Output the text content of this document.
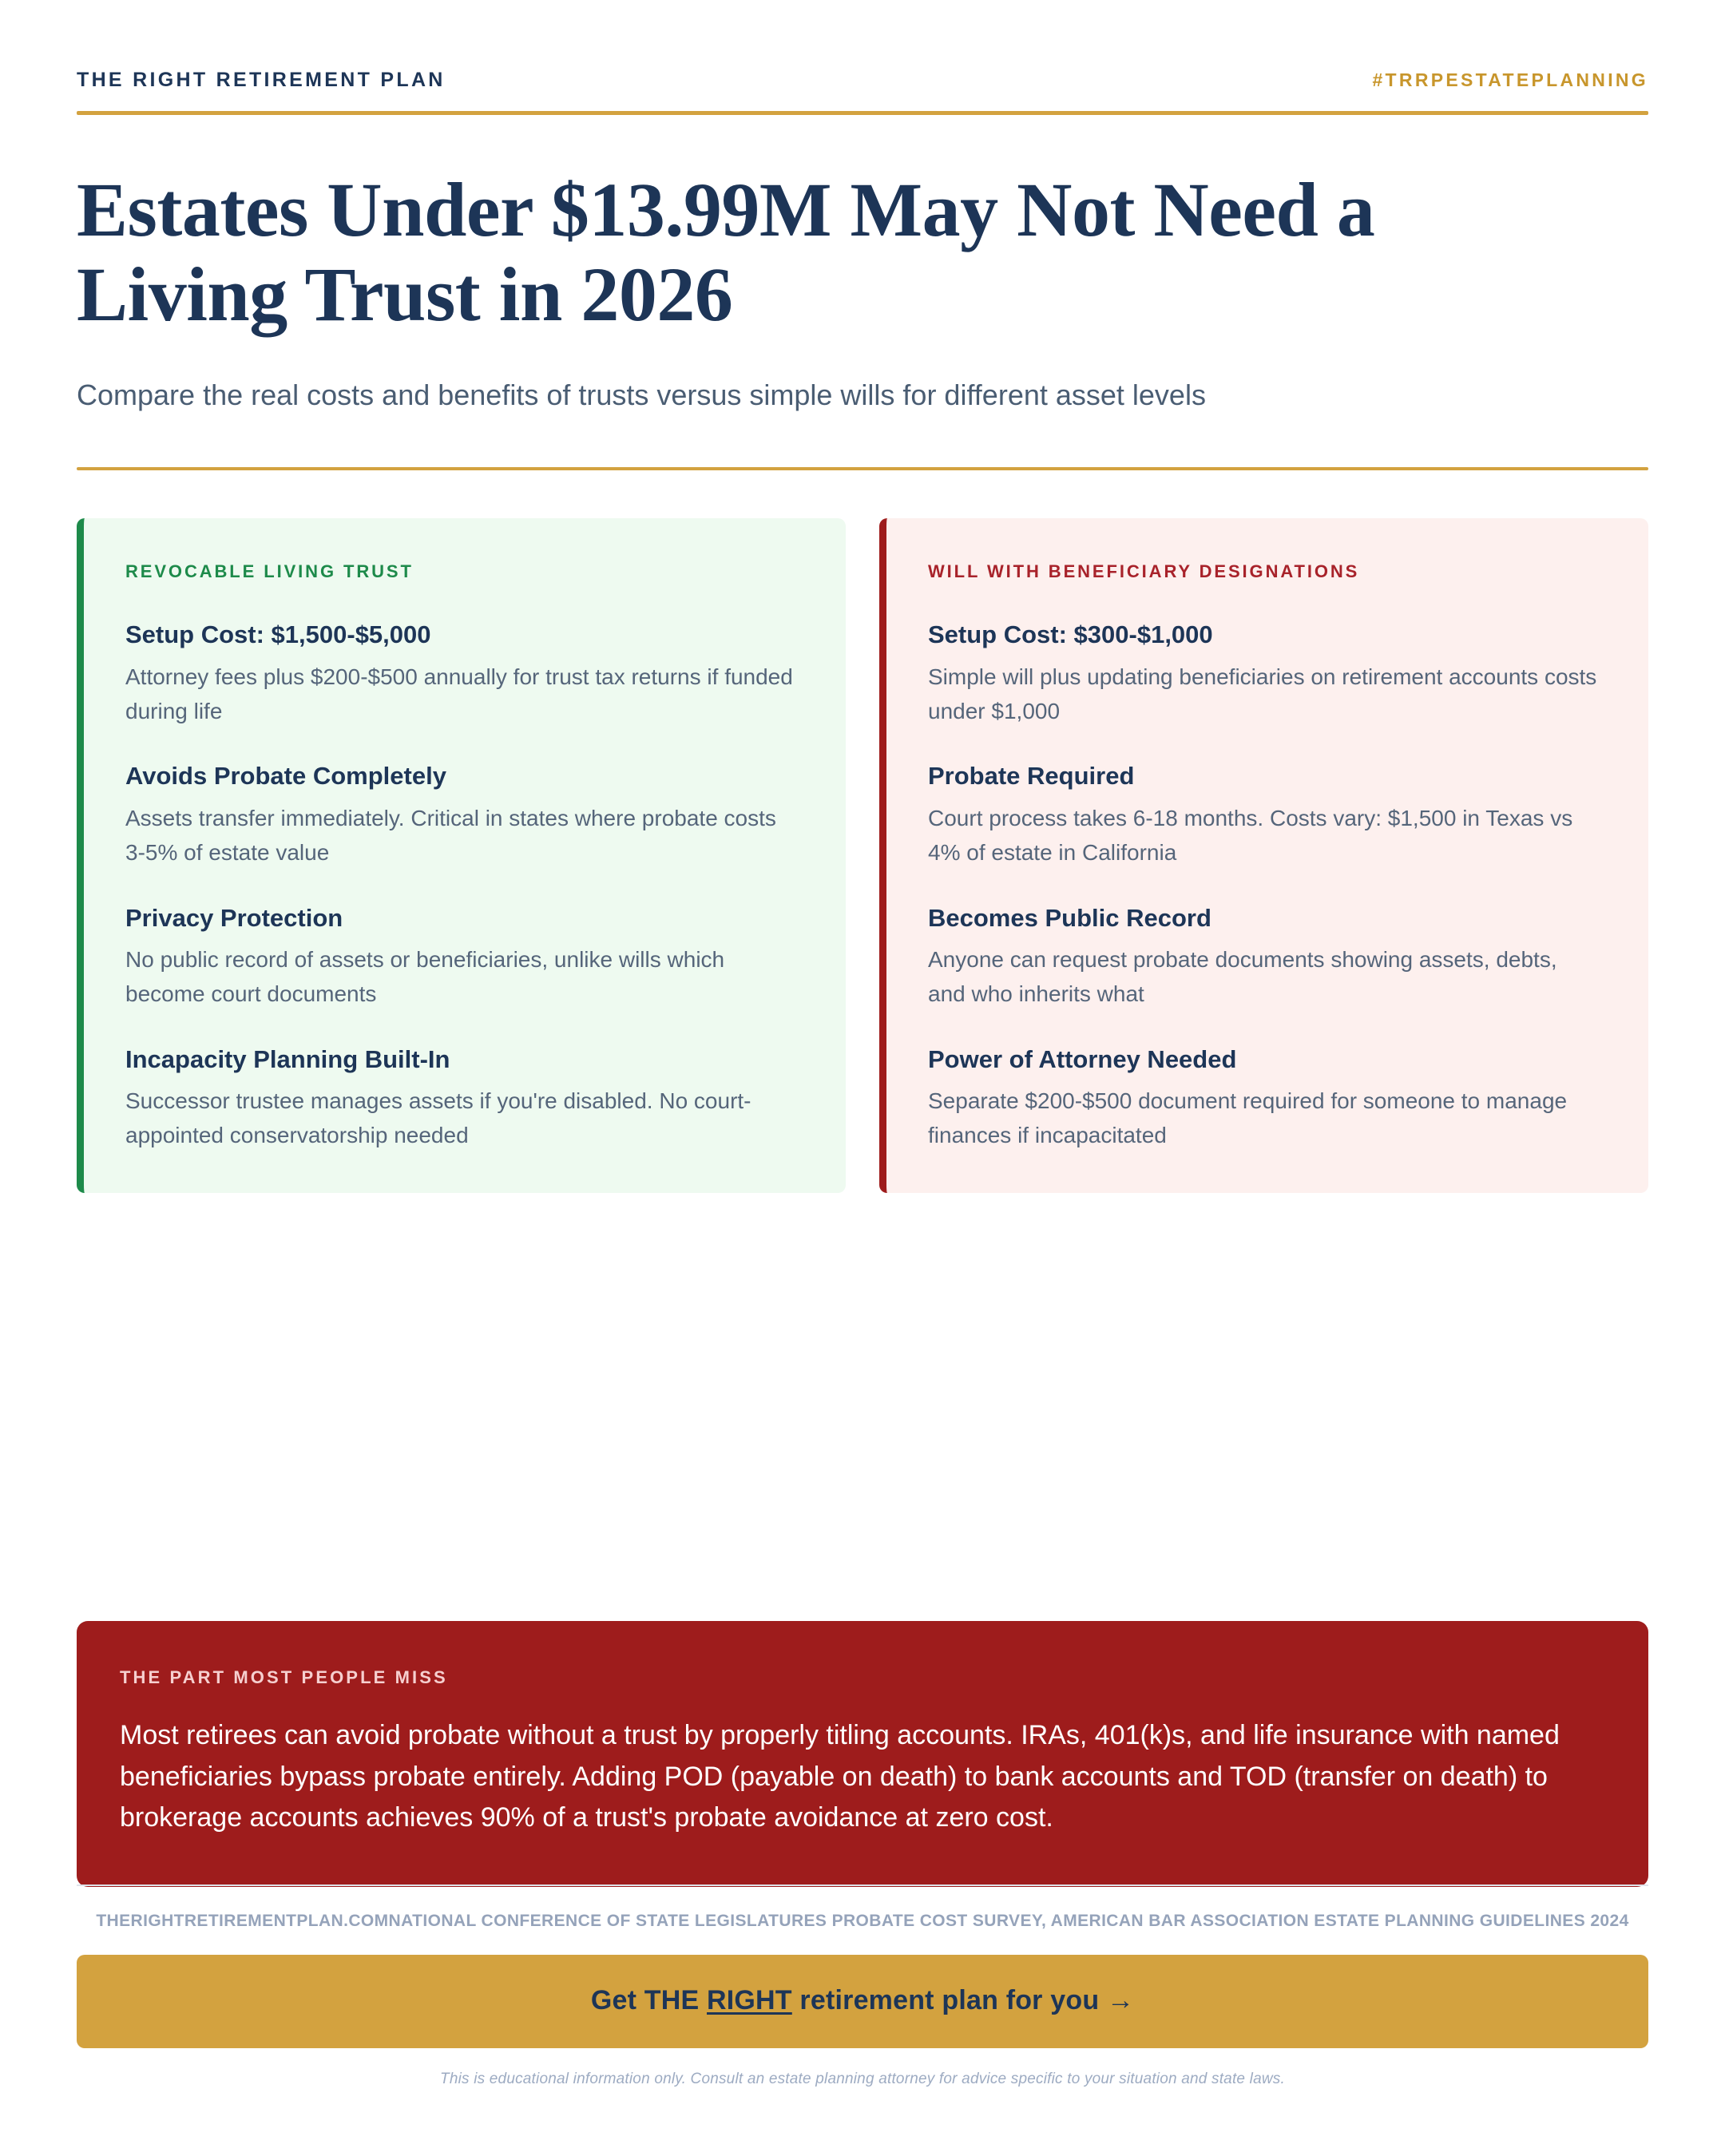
THE RIGHT RETIREMENT PLAN	#TRRPESTATEPLANNING
Estates Under $13.99M May Not Need a Living Trust in 2026

Compare the real costs and benefits of trusts versus simple wills for different asset levels

REVOCABLE LIVING TRUST
Setup Cost: $1,500-$5,000
Attorney fees plus $200-$500 annually for trust tax returns if funded during life
Avoids Probate Completely
Assets transfer immediately. Critical in states where probate costs 3-5% of estate value
Privacy Protection
No public record of assets or beneficiaries, unlike wills which become court documents
Incapacity Planning Built-In
Successor trustee manages assets if you're disabled. No court-appointed conservatorship needed
WILL WITH BENEFICIARY DESIGNATIONS
Setup Cost: $300-$1,000
Simple will plus updating beneficiaries on retirement accounts costs under $1,000
Probate Required
Court process takes 6-18 months. Costs vary: $1,500 in Texas vs 4% of estate in California
Becomes Public Record
Anyone can request probate documents showing assets, debts, and who inherits what
Power of Attorney Needed
Separate $200-$500 document required for someone to manage finances if incapacitated
THE PART MOST PEOPLE MISS
Most retirees can avoid probate without a trust by properly titling accounts. IRAs, 401(k)s, and life insurance with named beneficiaries bypass probate entirely. Adding POD (payable on death) to bank accounts and TOD (transfer on death) to brokerage accounts achieves 90% of a trust's probate avoidance at zero cost.
THERIGHTRETIREMENTPLAN.COMNATIONAL CONFERENCE OF STATE LEGISLATURES PROBATE COST SURVEY, AMERICAN BAR ASSOCIATION ESTATE PLANNING GUIDELINES 2024
Get THE RIGHT retirement plan for you →
This is educational information only. Consult an estate planning attorney for advice specific to your situation and state laws.
